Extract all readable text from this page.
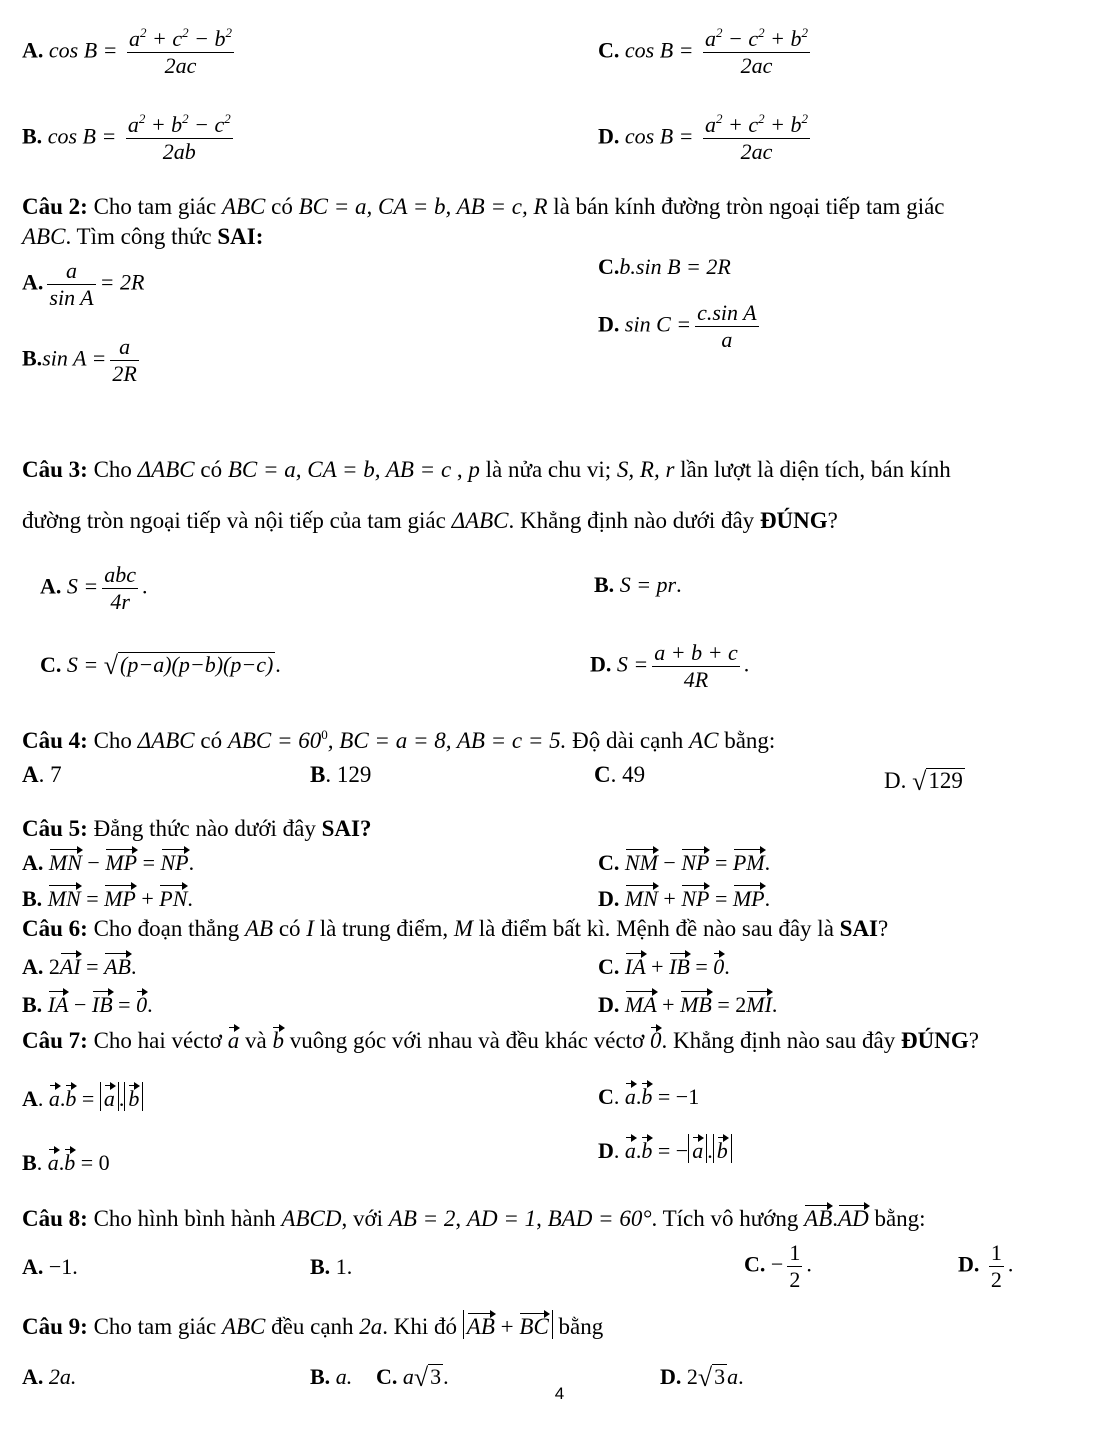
A. $\cos B = \frac{a^2 + c^2 - b^2}{2ac}$	C. $\cos B = \frac{a^2 - c^2 + b^2}{2ac}$
B. $\cos B = \frac{a^2 + b^2 - c^2}{2ab}$	D. $\cos B = \frac{a^2 + c^2 + b^2}{2ac}$
Câu 2: Cho tam giác ABC có BC = a, CA = b, AB = c, R là bán kính đường tròn ngoại tiếp tam giác
ABC. Tìm công thức SAI:
A. $\frac{a}{\text{sin A}} = 2R$
C.b.sin B = 2R
D. $\sin C = \frac{\text{c.sin A}}{a}$
B.sin $A = \frac{a}{2R}$
Câu 3: Cho ΔABC có BC = a, CA = b, AB = c , p là nửa chu vi; S, R, r lần lượt là diện tích, bán kính
đường tròn ngoại tiếp và nội tiếp của tam giác ΔABC. Khẳng định nào dưới đây ĐÚNG?
A. $S = \frac{\text{abc}}{4r}$ .	B. S = pr.
C. S = √(p−a)(p−b)(p−c).	D. $S = \frac{a + b + c}{4R}$ .
Câu 4: Cho ΔABC có ABC = $60^0$, BC = a = 8, AB = c = 5. Độ dài cạnh AC bằng:
A. 7	B. 129	C. 49	D. √129
Câu 5: Đẳng thức nào dưới đây SAI?
A. MN − MP = NP.	C. NM − NP = PM.
B. MN = MP + PN.	D. MN + NP = MP.
Câu 6: Cho đoạn thẳng AB có I là trung điểm, M là điểm bất kì. Mệnh đề nào sau đây là SAI?
A. 2AI = AB.	C. IA + IB = 0.
B. IA − IB = 0.	D. MA + MB = 2MI.
Câu 7: Cho hai véctơ a và b vuông góc với nhau và đều khác véctơ 0. Khẳng định nào sau đây ĐÚNG?
A. a.b = a . b	C. a.b = −1
B. a.b = 0	D. a.b = − a . b
Câu 8: Cho hình bình hành ABCD, với AB = 2, AD = 1, BAD = 60°. Tích vô hướng AB.AD bằng:
A. −1.	B. 1.	C. − $\frac{1}{2}$ .	D. $\frac{1}{2}$ .
Câu 9: Cho tam giác ABC đều cạnh 2a. Khi đó AB + BC bằng
A. 2a.	B. a. C. a√3.	D. 2√3a.
4
